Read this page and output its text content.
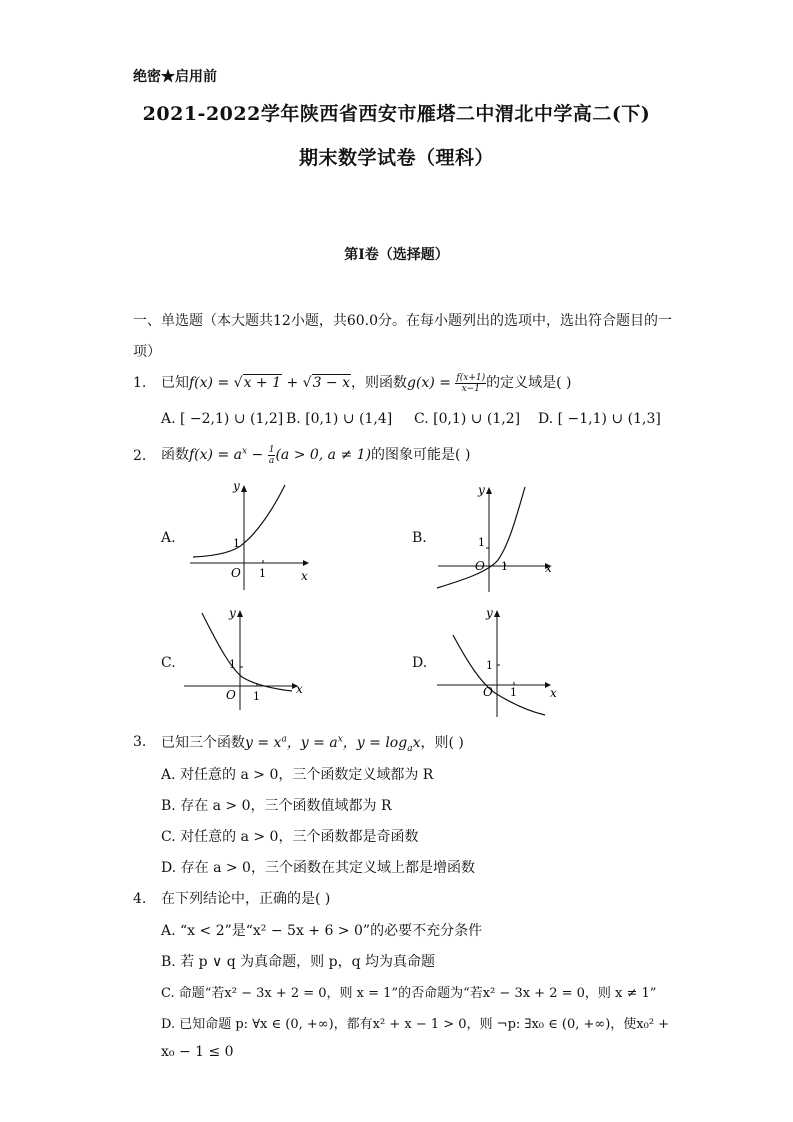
绝密★启用前
2021-2022学年陕西省西安市雁塔二中渭北中学高二(下)
期末数学试卷（理科）
第Ⅰ卷（选择题）
一、单选题（本大题共12小题，共60.0分。在每小题列出的选项中，选出符合题目的一项）
1. 已知f(x) = √x + 1 + √3 − x，则函数$g(x) = \frac{f(x+1)}{x-1}$ 的定义域是( )
A. [ −2,1) ∪ (1,2] B. [0,1) ∪ (1,4] C. [0,1) ∪ (1,2] D. [ −1,1) ∪ (1,3]
2. 函数$f(x) = a^x - \frac{1}{a} (a > 0$, a ≠ 1)的图象可能是( )
A.	B.
C.	D.
y
x
O 1
1
y
x
O 1
1
y
x
O 1
1
y
x
O 1
1
3. 已知三个函数$y = x^a$，$y = a^x$，$y = \log_ax$，则( )
A. 对任意的 a > 0，三个函数定义域都为 R
B. 存在 a > 0，三个函数值域都为 R
C. 对任意的 a > 0，三个函数都是奇函数
D. 存在 a > 0，三个函数在其定义域上都是增函数
4. 在下列结论中，正确的是( )
A. “x < 2”是“x² − 5x + 6 > 0”的必要不充分条件
B. 若 p ∨ q 为真命题，则 p，q 均为真命题
C. 命题“若x² − 3x + 2 = 0，则 x = 1”的否命题为“若x² − 3x + 2 = 0，则 x ≠ 1”
D. 已知命题 p: ∀x ∈ (0, +∞)，都有x² + x − 1 > 0，则 ¬p: ∃x₀ ∈ (0, +∞)，使x₀² +
x₀ − 1 ≤ 0
